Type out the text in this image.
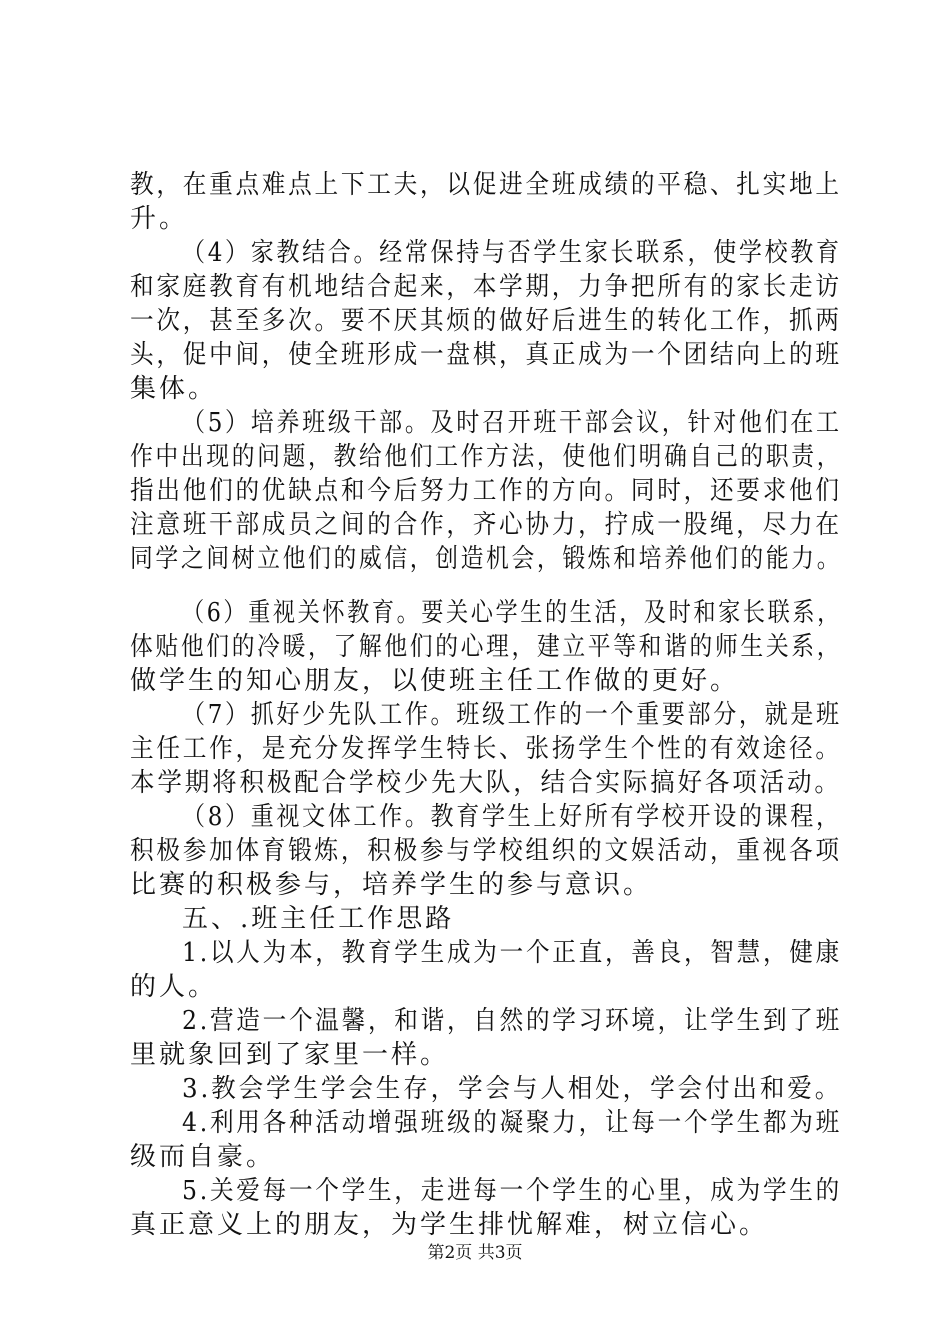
教，在重点难点上下工夫，以促进全班成绩的平稳、扎实地上
升。
（4）家教结合。经常保持与否学生家长联系，使学校教育
和家庭教育有机地结合起来，本学期，力争把所有的家长走访
一次，甚至多次。要不厌其烦的做好后进生的转化工作，抓两
头，促中间，使全班形成一盘棋，真正成为一个团结向上的班
集体。
（5）培养班级干部。及时召开班干部会议，针对他们在工
作中出现的问题，教给他们工作方法，使他们明确自己的职责，
指出他们的优缺点和今后努力工作的方向。同时，还要求他们
注意班干部成员之间的合作，齐心协力，拧成一股绳，尽力在
同学之间树立他们的威信，创造机会，锻炼和培养他们的能力。
（6）重视关怀教育。要关心学生的生活，及时和家长联系，
体贴他们的冷暖，了解他们的心理，建立平等和谐的师生关系，
做学生的知心朋友，以使班主任工作做的更好。
（7）抓好少先队工作。班级工作的一个重要部分，就是班
主任工作，是充分发挥学生特长、张扬学生个性的有效途径。
本学期将积极配合学校少先大队，结合实际搞好各项活动。
（8）重视文体工作。教育学生上好所有学校开设的课程，
积极参加体育锻炼，积极参与学校组织的文娱活动，重视各项
比赛的积极参与，培养学生的参与意识。
五、.班主任工作思路
1.以人为本，教育学生成为一个正直，善良，智慧，健康
的人。
2.营造一个温馨，和谐，自然的学习环境，让学生到了班
里就象回到了家里一样。
3.教会学生学会生存，学会与人相处，学会付出和爱。
4.利用各种活动增强班级的凝聚力，让每一个学生都为班
级而自豪。
5.关爱每一个学生，走进每一个学生的心里，成为学生的
真正意义上的朋友，为学生排忧解难，树立信心。
第2页 共3页
